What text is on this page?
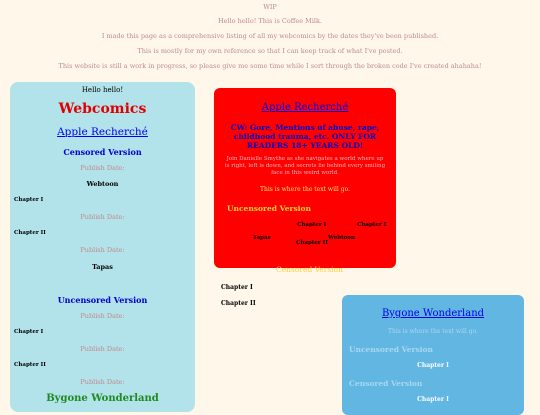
WIP
Hello hello! This is Coffee Milk.
I made this page as a comprehensive listing of all my webcomics by the dates they've been published.
This is mostly for my own reference so that I can keep track of what I've posted.
This website is still a work in progress, so please give me some time while I sort through the broken code I've created ahahaha!
Hello hello!
Webcomics
Apple Recherché
Censored Version
Publish Date:
Webtoon
Chapter I
Publish Date:
Chapter II
Publish Date:
Tapas
Uncensored Version
Publish Date:
Chapter I
Publish Date:
Chapter II
Publish Date:
Bygone Wonderland
Apple Recherché
CW: Gore, Mentions of abuse, rape, childhood trauma, etc. ONLY FOR READERS 18+ YEARS OLD!
Join Danielle Smythe as she navigates a world where up is right, left is down, and secrets lie behind every smiling face in this weird world.
This is where the text will go.
Uncensored Version
Chapter I	Chapter I
Tapas	Webtoon
Chapter II
Censored Version
Chapter I
Chapter II
Bygone Wonderland
This is where the text will go.
Uncensored Version
Chapter I
Censored Version
Chapter I
